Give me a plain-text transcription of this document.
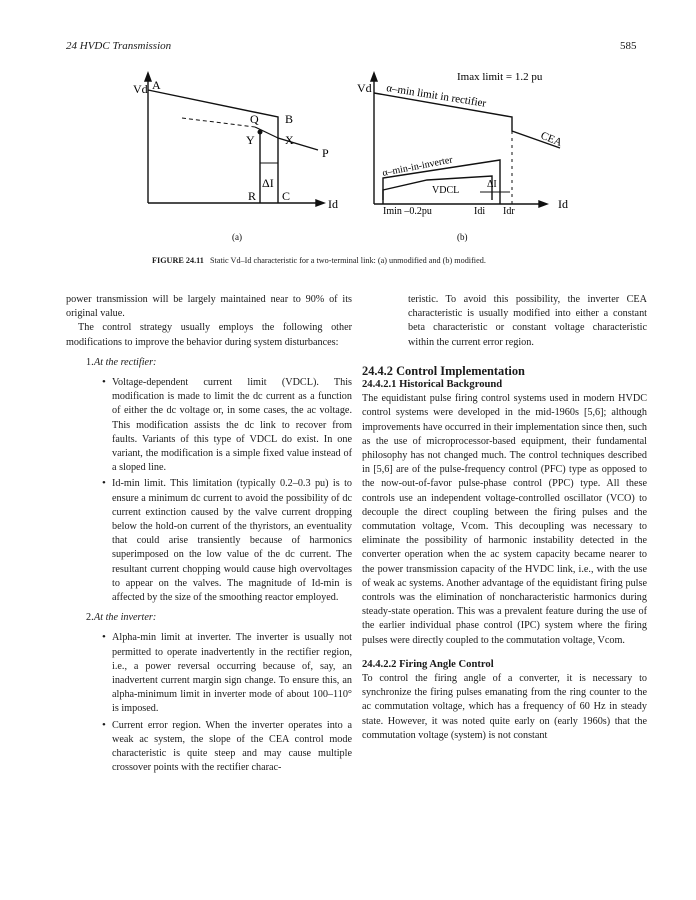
24 HVDC Transmission	585
Vd A
Q B
Y	X
P
ΔI
R C
Id
(a)
Vd
Imax limit = 1.2 pu
α–min limit in rectifier
CEA
α–min-in-inverter
VDCL
ΔI
Imin –0.2pu	Idi Idr
Id
(b)
FIGURE 24.11 Static Vd–Id characteristic for a two-terminal link: (a) unmodified and (b) modified.

power transmission will be largely maintained near to 90% of its original value.

The control strategy usually employs the following other modifications to improve the behavior during system disturbances:

1. At the rectifier:

• Voltage-dependent current limit (VDCL). This modification is made to limit the dc current as a function of either the dc voltage or, in some cases, the ac voltage. This modification assists the dc link to recover from faults. Variants of this type of VDCL do exist. In one variant, the modification is a simple fixed value instead of a sloped line.

• Id-min limit. This limitation (typically 0.2–0.3 pu) is to ensure a minimum dc current to avoid the possibility of dc current extinction caused by the valve current dropping below the hold-on current of the thyristors, an eventuality that could arise transiently because of harmonics superimposed on the low value of the dc current. The resultant current chopping would cause high overvoltages to appear on the valves. The magnitude of Id-min is affected by the size of the smoothing reactor employed.

2. At the inverter:

• Alpha-min limit at inverter. The inverter is usually not permitted to operate inadvertently in the rectifier region, i.e., a power reversal occurring because of, say, an inadvertent current margin sign change. To ensure this, an alpha-minimum limit in inverter mode of about 100–110° is imposed.

• Current error region. When the inverter operates into a weak ac system, the slope of the CEA control mode characteristic is quite steep and may cause multiple crossover points with the rectifier charac-

teristic. To avoid this possibility, the inverter CEA characteristic is usually modified into either a constant beta characteristic or constant voltage characteristic within the current error region.

24.4.2 Control Implementation

24.4.2.1 Historical Background

The equidistant pulse firing control systems used in modern HVDC control systems were developed in the mid-1960s [5,6]; although improvements have occurred in their implementation since then, such as the use of microprocessor-based equipment, their fundamental philosophy has not changed much. The control techniques described in [5,6] are of the pulse-frequency control (PFC) type as opposed to the now-out-of-favor pulse-phase control (PPC) type. All these controls use an independent voltage-controlled oscillator (VCO) to decouple the direct coupling between the firing pulses and the commutation voltage, Vcom. This decoupling was necessary to eliminate the possibility of harmonic instability detected in the converter operation when the ac system capacity became nearer to the power transmission capacity of the HVDC link, i.e., with the use of weak ac systems. Another advantage of the equidistant firing pulse controls was the elimination of noncharacteristic harmonics during steady-state operation. This was a prevalent feature during the use of the earlier individual phase control (IPC) system where the firing pulses were directly coupled to the commutation voltage, Vcom.

24.4.2.2 Firing Angle Control

To control the firing angle of a converter, it is necessary to synchronize the firing pulses emanating from the ring counter to the ac commutation voltage, which has a frequency of 60 Hz in steady state. However, it was noted quite early on (early 1960s) that the commutation voltage (system) is not constant
